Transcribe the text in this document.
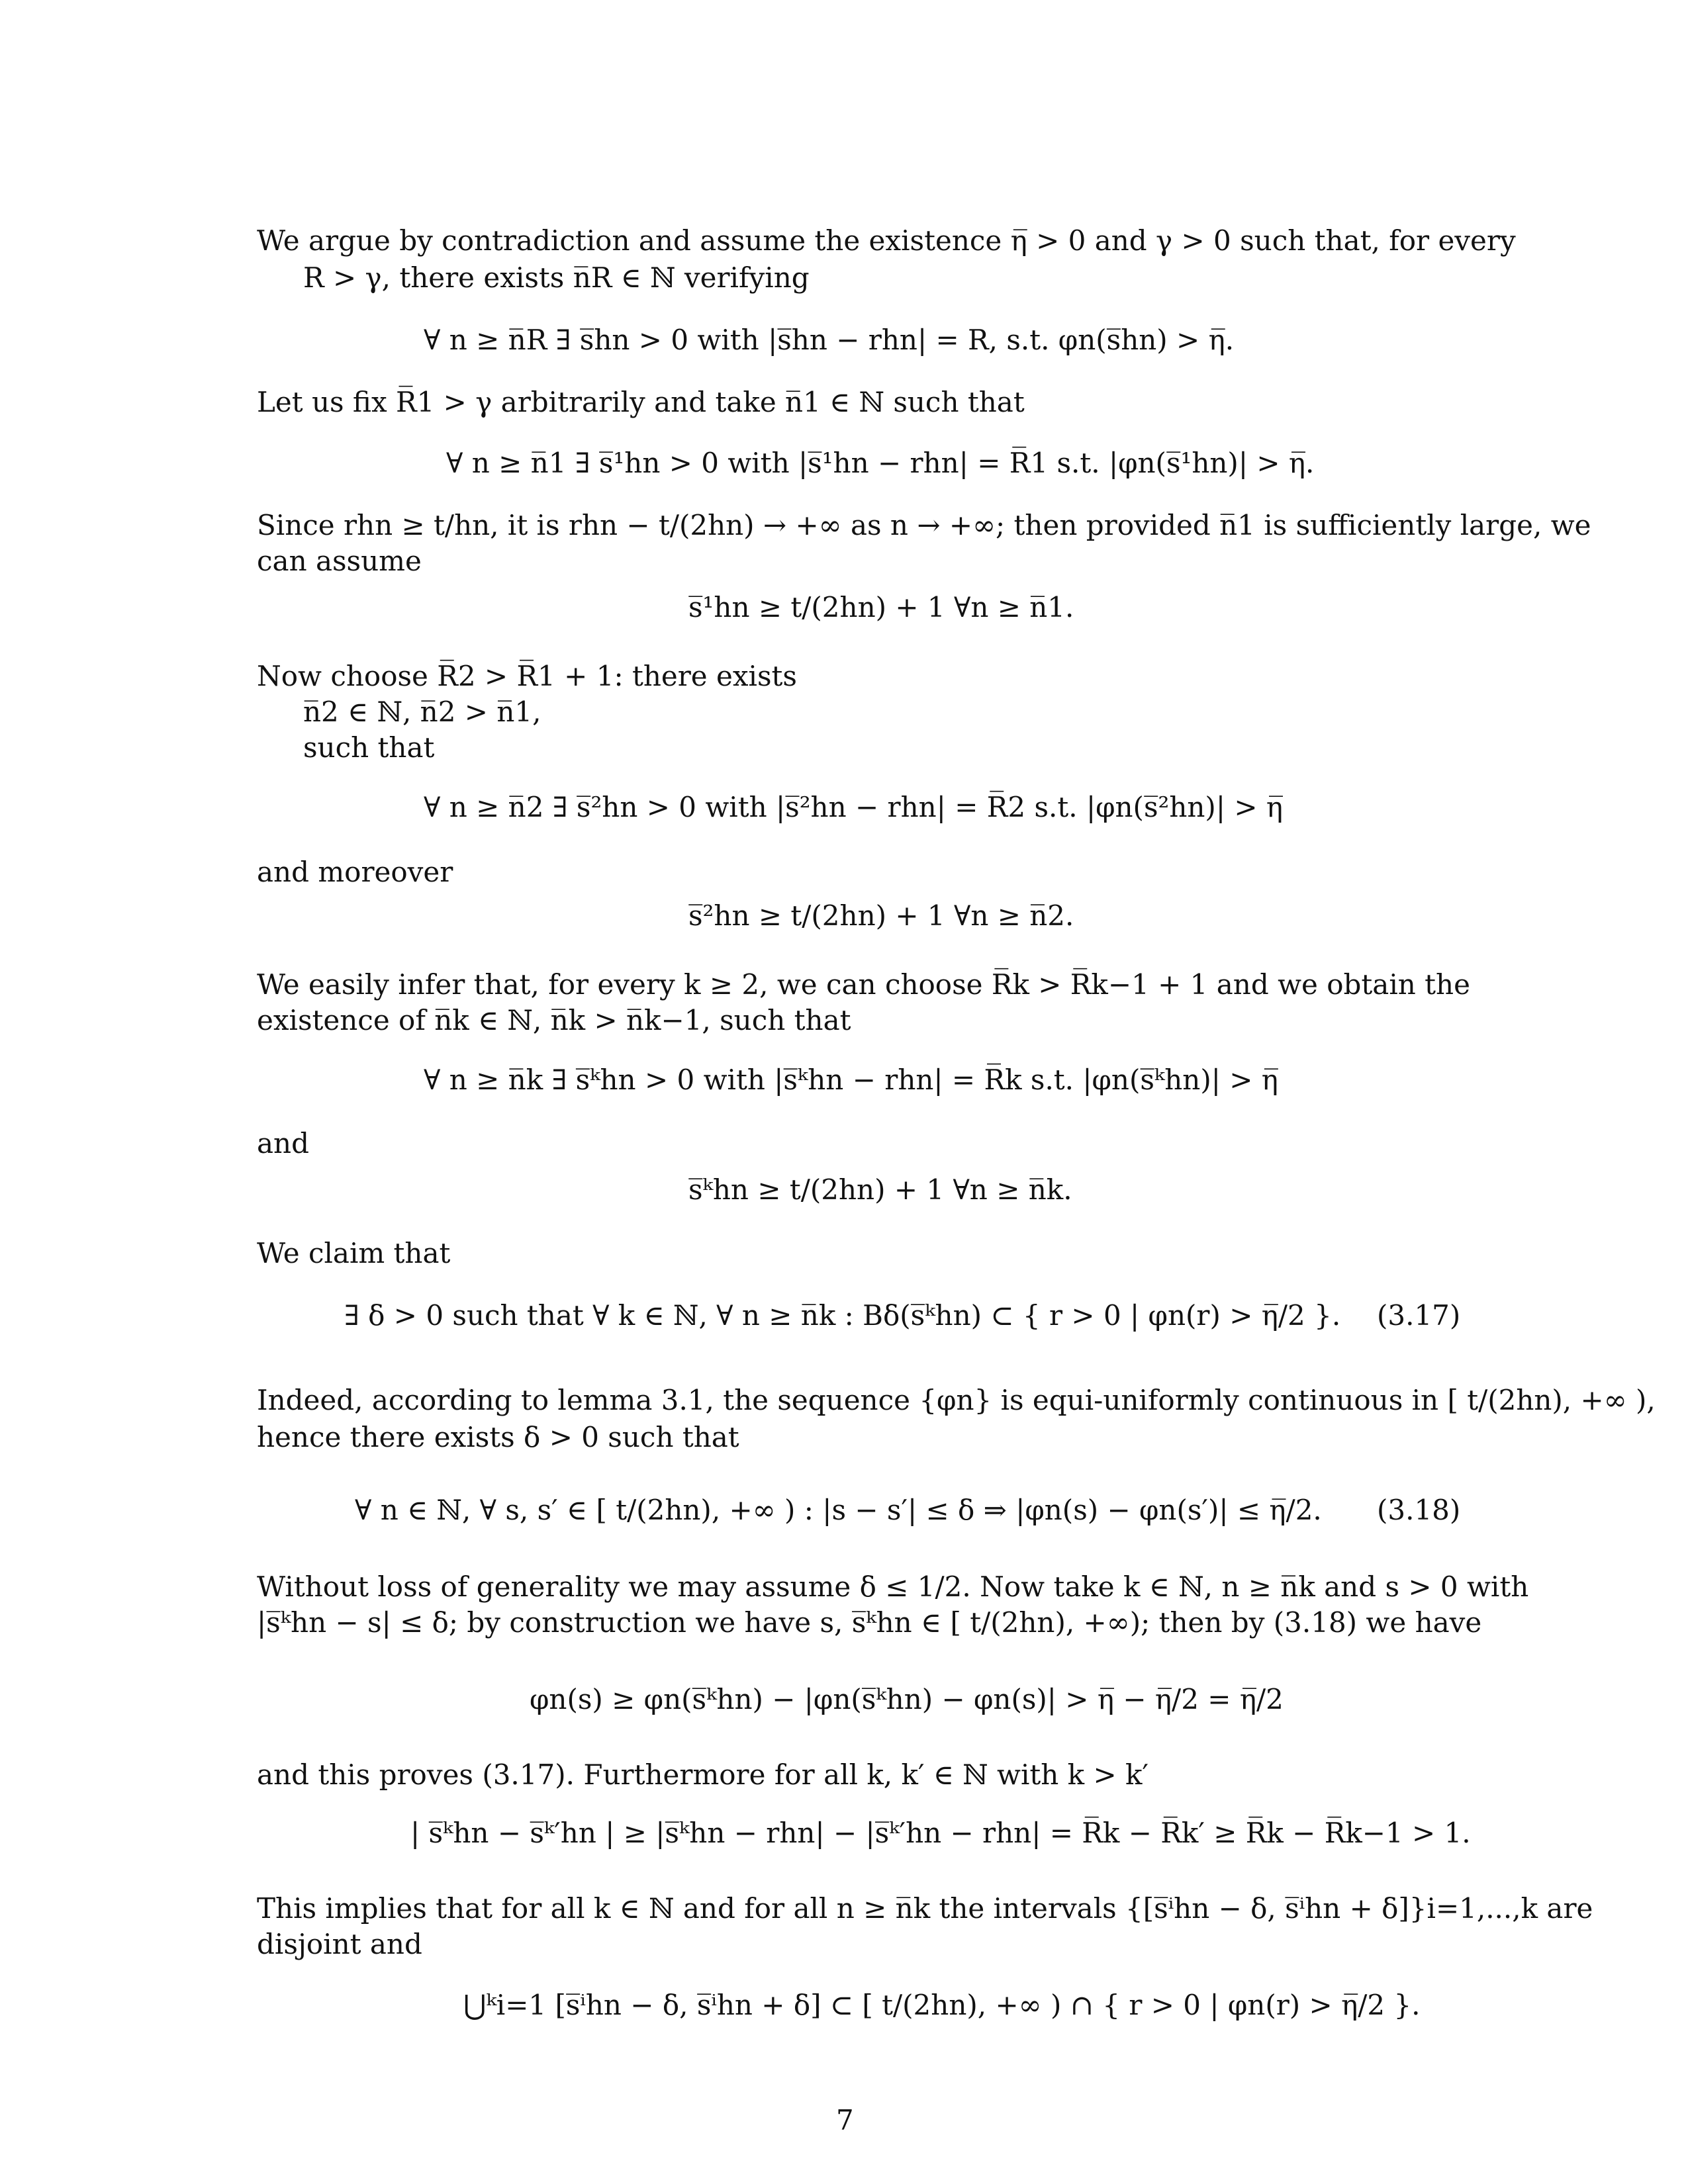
We argue by contradiction and assume the existence η̅ > 0 and γ > 0 such that, for every
R > γ, there exists n̅R ∈ ℕ verifying
∀ n ≥ n̅R ∃ s̅hn > 0 with |s̅hn − rhn| = R, s.t. φn(s̅hn) > η̅.
Let us fix R̅1 > γ arbitrarily and take n̅1 ∈ ℕ such that
∀ n ≥ n̅1 ∃ s̅¹hn > 0 with |s̅¹hn − rhn| = R̅1 s.t. |φn(s̅¹hn)| > η̅.
Since rhn ≥ t/hn, it is rhn − t/(2hn) → +∞ as n → +∞; then provided n̅1 is sufficiently large, we
can assume
s̅¹hn ≥ t/(2hn) + 1 ∀n ≥ n̅1.
Now choose R̅2 > R̅1 + 1: there exists
n̅2 ∈ ℕ, n̅2 > n̅1,
such that
∀ n ≥ n̅2 ∃ s̅²hn > 0 with |s̅²hn − rhn| = R̅2 s.t. |φn(s̅²hn)| > η̅
and moreover
s̅²hn ≥ t/(2hn) + 1 ∀n ≥ n̅2.
We easily infer that, for every k ≥ 2, we can choose R̅k > R̅k−1 + 1 and we obtain the
existence of n̅k ∈ ℕ, n̅k > n̅k−1, such that
∀ n ≥ n̅k ∃ s̅ᵏhn > 0 with |s̅ᵏhn − rhn| = R̅k s.t. |φn(s̅ᵏhn)| > η̅
and
s̅ᵏhn ≥ t/(2hn) + 1 ∀n ≥ n̅k.
We claim that
∃ δ > 0 such that ∀ k ∈ ℕ, ∀ n ≥ n̅k : Bδ(s̅ᵏhn) ⊂ { r > 0 | φn(r) > η̅/2 }. (3.17)
Indeed, according to lemma 3.1, the sequence {φn} is equi-uniformly continuous in [ t/(2hn), +∞ ),
hence there exists δ > 0 such that
∀ n ∈ ℕ, ∀ s, s′ ∈ [ t/(2hn), +∞ ) : |s − s′| ≤ δ ⇒ |φn(s) − φn(s′)| ≤ η̅/2. (3.18)
Without loss of generality we may assume δ ≤ 1/2. Now take k ∈ ℕ, n ≥ n̅k and s > 0 with
|s̅ᵏhn − s| ≤ δ; by construction we have s, s̅ᵏhn ∈ [ t/(2hn), +∞); then by (3.18) we have
φn(s) ≥ φn(s̅ᵏhn) − |φn(s̅ᵏhn) − φn(s)| > η̅ − η̅/2 = η̅/2
and this proves (3.17). Furthermore for all k, k′ ∈ ℕ with k > k′
| s̅ᵏhn − s̅ᵏ′hn | ≥ |s̅ᵏhn − rhn| − |s̅ᵏ′hn − rhn| = R̅k − R̅k′ ≥ R̅k − R̅k−1 > 1.
This implies that for all k ∈ ℕ and for all n ≥ n̅k the intervals {[s̅ⁱhn − δ, s̅ⁱhn + δ]}i=1,...,k are
disjoint and
⋃ᵏi=1 [s̅ⁱhn − δ, s̅ⁱhn + δ] ⊂ [ t/(2hn), +∞ ) ∩ { r > 0 | φn(r) > η̅/2 }.
7
